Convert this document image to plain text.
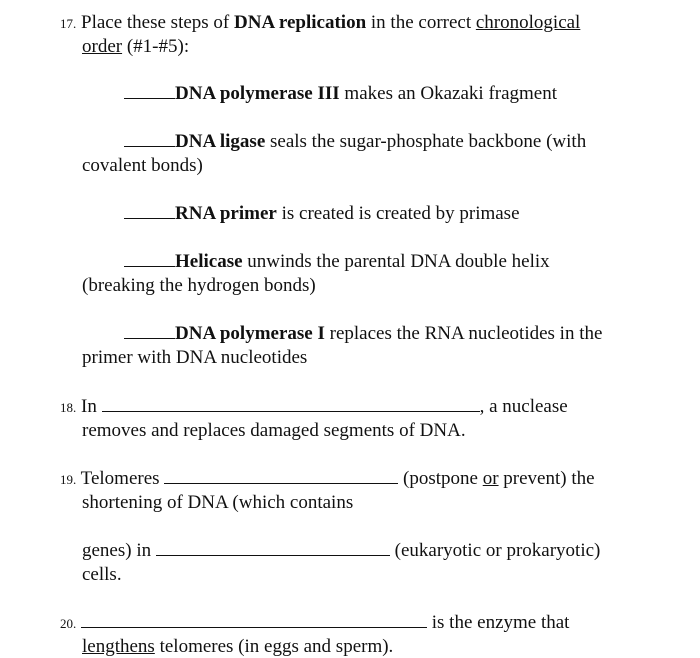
17. Place these steps of DNA replication in the correct chronological
order (#1-#5):
DNA polymerase III makes an Okazaki fragment
DNA ligase seals the sugar-phosphate backbone (with
covalent bonds)
RNA primer is created is created by primase
Helicase unwinds the parental DNA double helix
(breaking the hydrogen bonds)
DNA polymerase I replaces the RNA nucleotides in the
primer with DNA nucleotides
18. In	, a nuclease
removes and replaces damaged segments of DNA.
19. Telomeres	(postpone or prevent) the
shortening of DNA (which contains
genes) in	(eukaryotic or prokaryotic)
cells.
20.	is the enzyme that
lengthens telomeres (in eggs and sperm).
